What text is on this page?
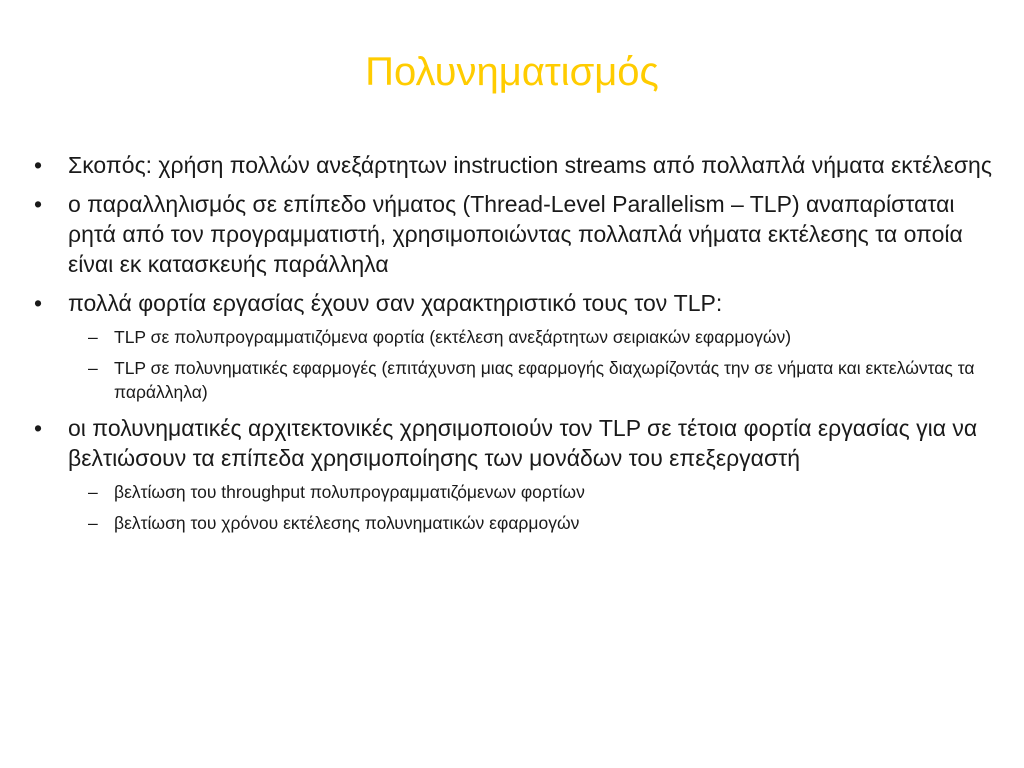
Πολυνηματισμός
• Σκοπός: χρήση πολλών ανεξάρτητων instruction streams από πολλαπλά νήματα εκτέλεσης
• ο παραλληλισμός σε επίπεδο νήματος (Thread-Level Parallelism – TLP) αναπαρίσταται ρητά από τον προγραμματιστή, χρησιμοποιώντας πολλαπλά νήματα εκτέλεσης τα οποία είναι εκ κατασκευής παράλληλα
• πολλά φορτία εργασίας έχουν σαν χαρακτηριστικό τους τον TLP:
– TLP σε πολυπρογραμματιζόμενα φορτία (εκτέλεση ανεξάρτητων σειριακών εφαρμογών)
– TLP σε πολυνηματικές εφαρμογές (επιτάχυνση μιας εφαρμογής διαχωρίζοντάς την σε νήματα και εκτελώντας τα παράλληλα)
• οι πολυνηματικές αρχιτεκτονικές χρησιμοποιούν τον TLP σε τέτοια φορτία εργασίας για να βελτιώσουν τα επίπεδα χρησιμοποίησης των μονάδων του επεξεργαστή
– βελτίωση του throughput πολυπρογραμματιζόμενων φορτίων
– βελτίωση του χρόνου εκτέλεσης πολυνηματικών εφαρμογών
